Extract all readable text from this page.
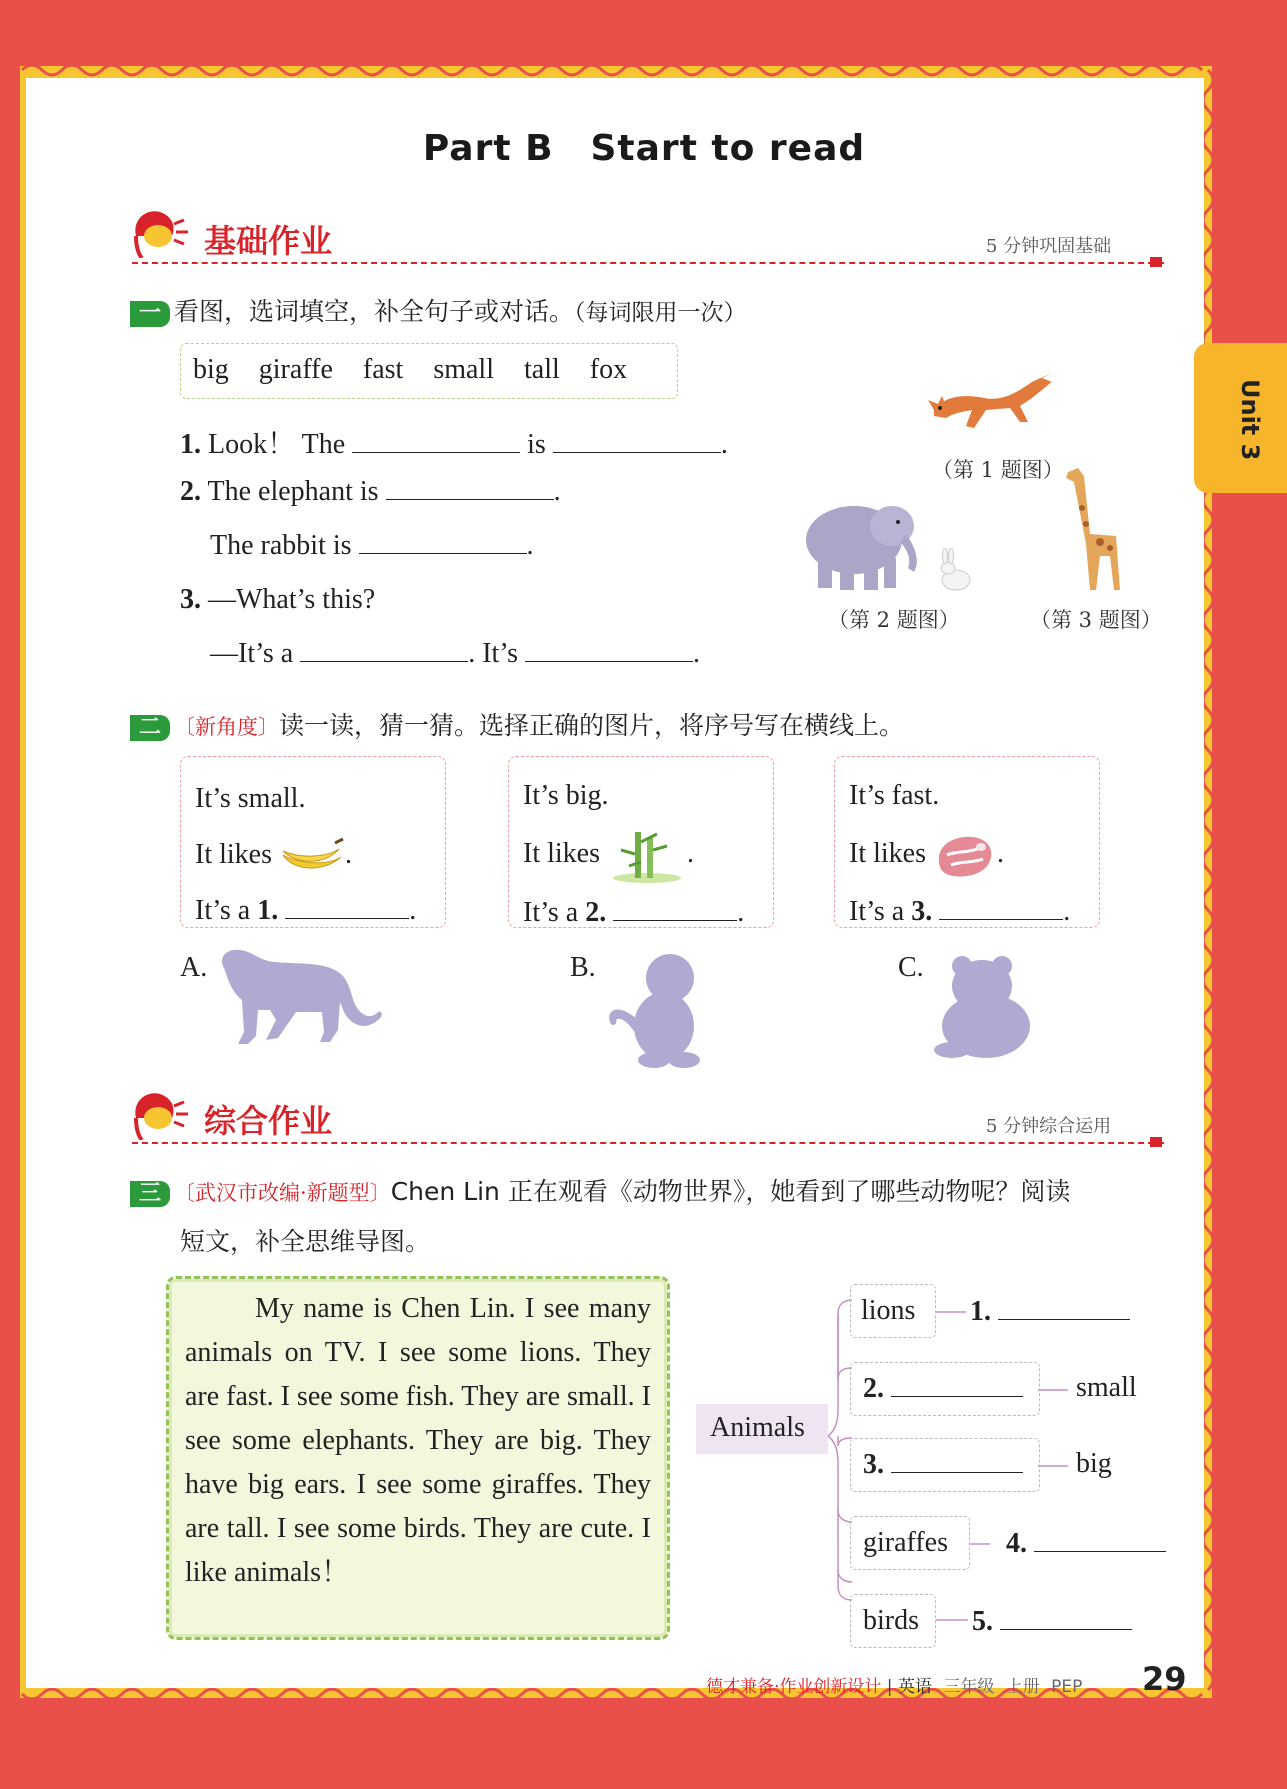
Unit 3
Part B　Start to read
基础作业	5 分钟巩固基础
一 看图，选词填空，补全句子或对话。（每词限用一次）
big giraffe fast small tall fox
1. Look！ The	is	.
2. The elephant is	.
The rabbit is	.
3. —What’s this?
—It’s a	. It’s	.
（第 1 题图）
（第 2 题图）	（第 3 题图）
二 〔新角度〕读一读，猜一猜。选择正确的图片，将序号写在横线上。
It’s small.
It likes	.
It’s a 1.	.
It’s big.
It likes	.
It’s a 2.	.
It’s fast.
It likes	.
It’s a 3.	.
A.	B.	C.
综合作业	5 分钟综合运用
三 〔武汉市改编·新题型〕Chen Lin 正在观看《动物世界》，她看到了哪些动物呢？阅读
短文，补全思维导图。
My name is Chen Lin. I see many animals on TV. I see some lions. They are fast. I see some fish. They are small. I see some elephants. They are big. They have big ears. I see some giraffes. They are tall. I see some birds. They are cute. I like animals！
Animals
lions 1.
2.	small
3.	big
giraffes 4.
birds 5.
德才兼备·作业创新设计 | 英语 三年级 上册 PEP 29
